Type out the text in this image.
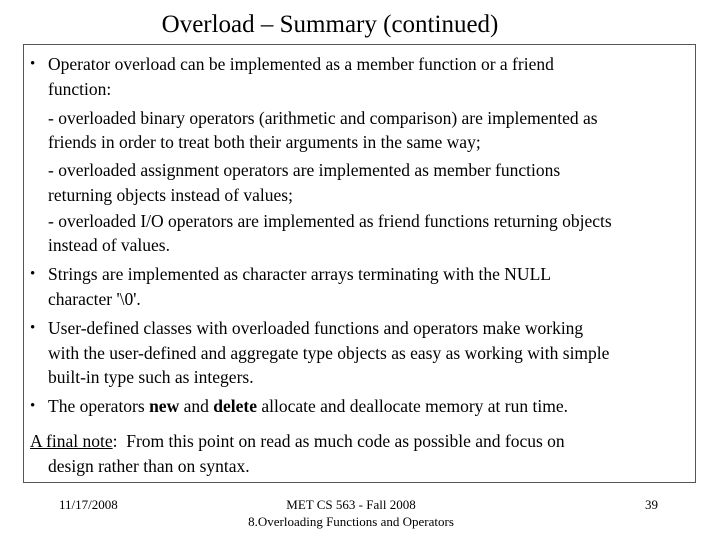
Overload – Summary (continued)
• Operator overload can be implemented as a member function or a friend
function:
- overloaded binary operators (arithmetic and comparison) are implemented as
friends in order to treat both their arguments in the same way;
- overloaded assignment operators are implemented as member functions
returning objects instead of values;
- overloaded I/O operators are implemented as friend functions returning objects
instead of values.
• Strings are implemented as character arrays terminating with the NULL
character '\0'.
• User-defined classes with overloaded functions and operators make working
with the user-defined and aggregate type objects as easy as working with simple
built-in type such as integers.
• The operators new and delete allocate and deallocate memory at run time.
A final note:  From this point on read as much code as possible and focus on
design rather than on syntax.
11/17/2008	MET CS 563 - Fall 2008
8.Overloading Functions and Operators
39
